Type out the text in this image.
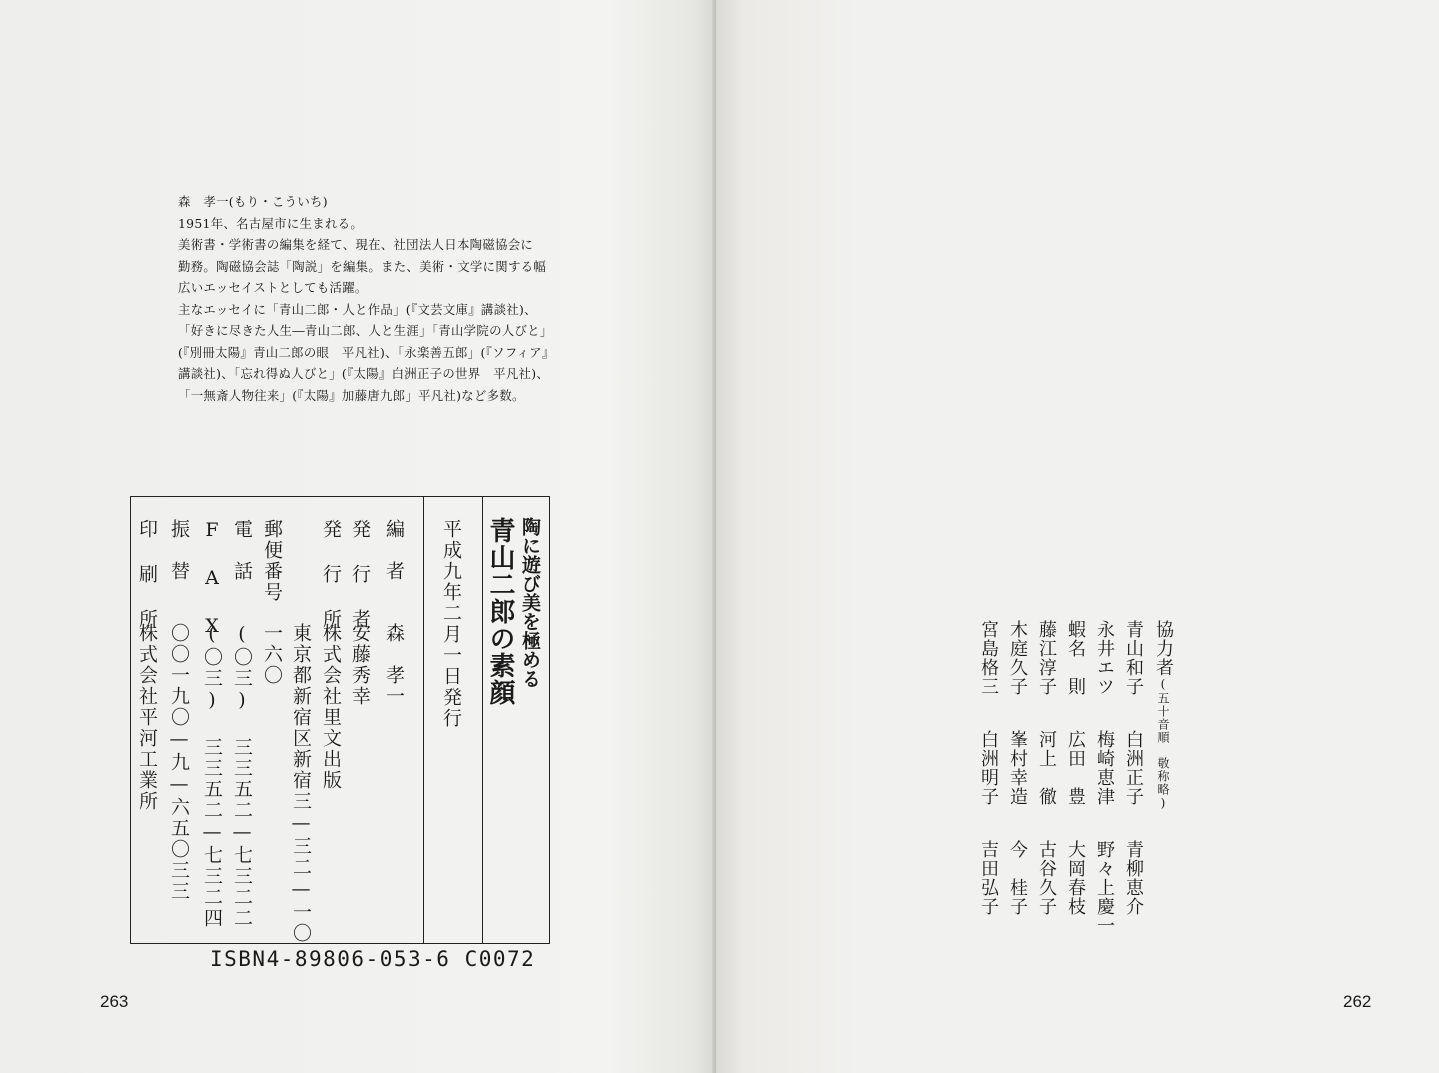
森　孝一(もり・こういち)
1951年、名古屋市に生まれる。
美術書・学術書の編集を経て、現在、社団法人日本陶磁協会に
勤務。陶磁協会誌「陶説」を編集。また、美術・文学に関する幅
広いエッセイストとしても活躍。
主なエッセイに「青山二郎・人と作品」(『文芸文庫』講談社)、
「好きに尽きた人生―青山二郎、人と生涯」「青山学院の人びと」
(『別冊太陽』青山二郎の眼　平凡社)、「永楽善五郎」(『ソフィア』
講談社)、「忘れ得ぬ人びと」(『太陽』白洲正子の世界　平凡社)、
「一無斎人物往来」(『太陽』加藤唐九郎」平凡社)など多数。
陶に遊び美を極める
青山二郎の素顔
平成九年二月一日発行
編　者
森　孝一
発 行 者
安藤秀幸
発 行 所
株式会社里文出版
東京都新宿区新宿三—三二—一〇
郵便番号
一六〇
電　話
(〇三) 三三五二—七三二二
F A X
(〇三) 三三五二—七三二四
振　替
〇〇一九〇—九—六五〇三三
印 刷 所
株式会社平河工業所
ISBN4-89806-053-6 C0072
263
協力者(五十音順　敬称略)
青山和子
白洲正子
青柳恵介
永井エツ
梅崎恵津
野々上慶一
蝦名　則
広田　豊
大岡春枝
藤江淳子
河上　徹
古谷久子
木庭久子
峯村幸造
今　桂子
宮島格三
白洲明子
吉田弘子
262
